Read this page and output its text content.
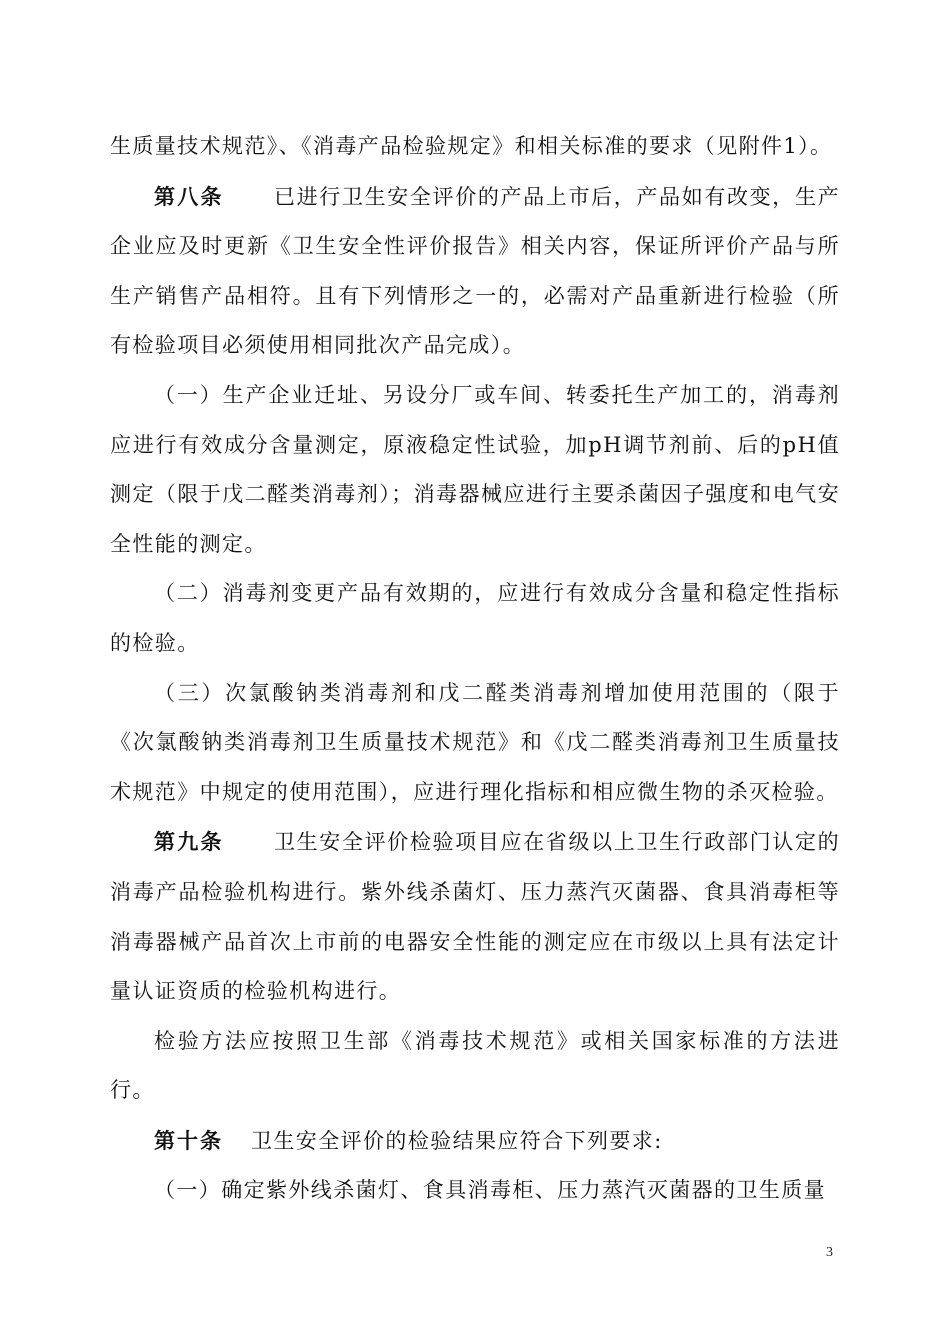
生质量技术规范》、《消毒产品检验规定》和相关标准的要求（见附件1）。

第八条 已进行卫生安全评价的产品上市后，产品如有改变，生产企业应及时更新《卫生安全性评价报告》相关内容，保证所评价产品与所生产销售产品相符。且有下列情形之一的，必需对产品重新进行检验（所有检验项目必须使用相同批次产品完成）。

（一）生产企业迁址、另设分厂或车间、转委托生产加工的，消毒剂应进行有效成分含量测定，原液稳定性试验，加pH调节剂前、后的pH值测定（限于戊二醛类消毒剂）；消毒器械应进行主要杀菌因子强度和电气安全性能的测定。

（二）消毒剂变更产品有效期的，应进行有效成分含量和稳定性指标的检验。

（三）次氯酸钠类消毒剂和戊二醛类消毒剂增加使用范围的（限于《次氯酸钠类消毒剂卫生质量技术规范》和《戊二醛类消毒剂卫生质量技术规范》中规定的使用范围），应进行理化指标和相应微生物的杀灭检验。

第九条 卫生安全评价检验项目应在省级以上卫生行政部门认定的消毒产品检验机构进行。紫外线杀菌灯、压力蒸汽灭菌器、食具消毒柜等消毒器械产品首次上市前的电器安全性能的测定应在市级以上具有法定计量认证资质的检验机构进行。

检验方法应按照卫生部《消毒技术规范》或相关国家标准的方法进行。

第十条 卫生安全评价的检验结果应符合下列要求:

（一）确定紫外线杀菌灯、食具消毒柜、压力蒸汽灭菌器的卫生质量

3
